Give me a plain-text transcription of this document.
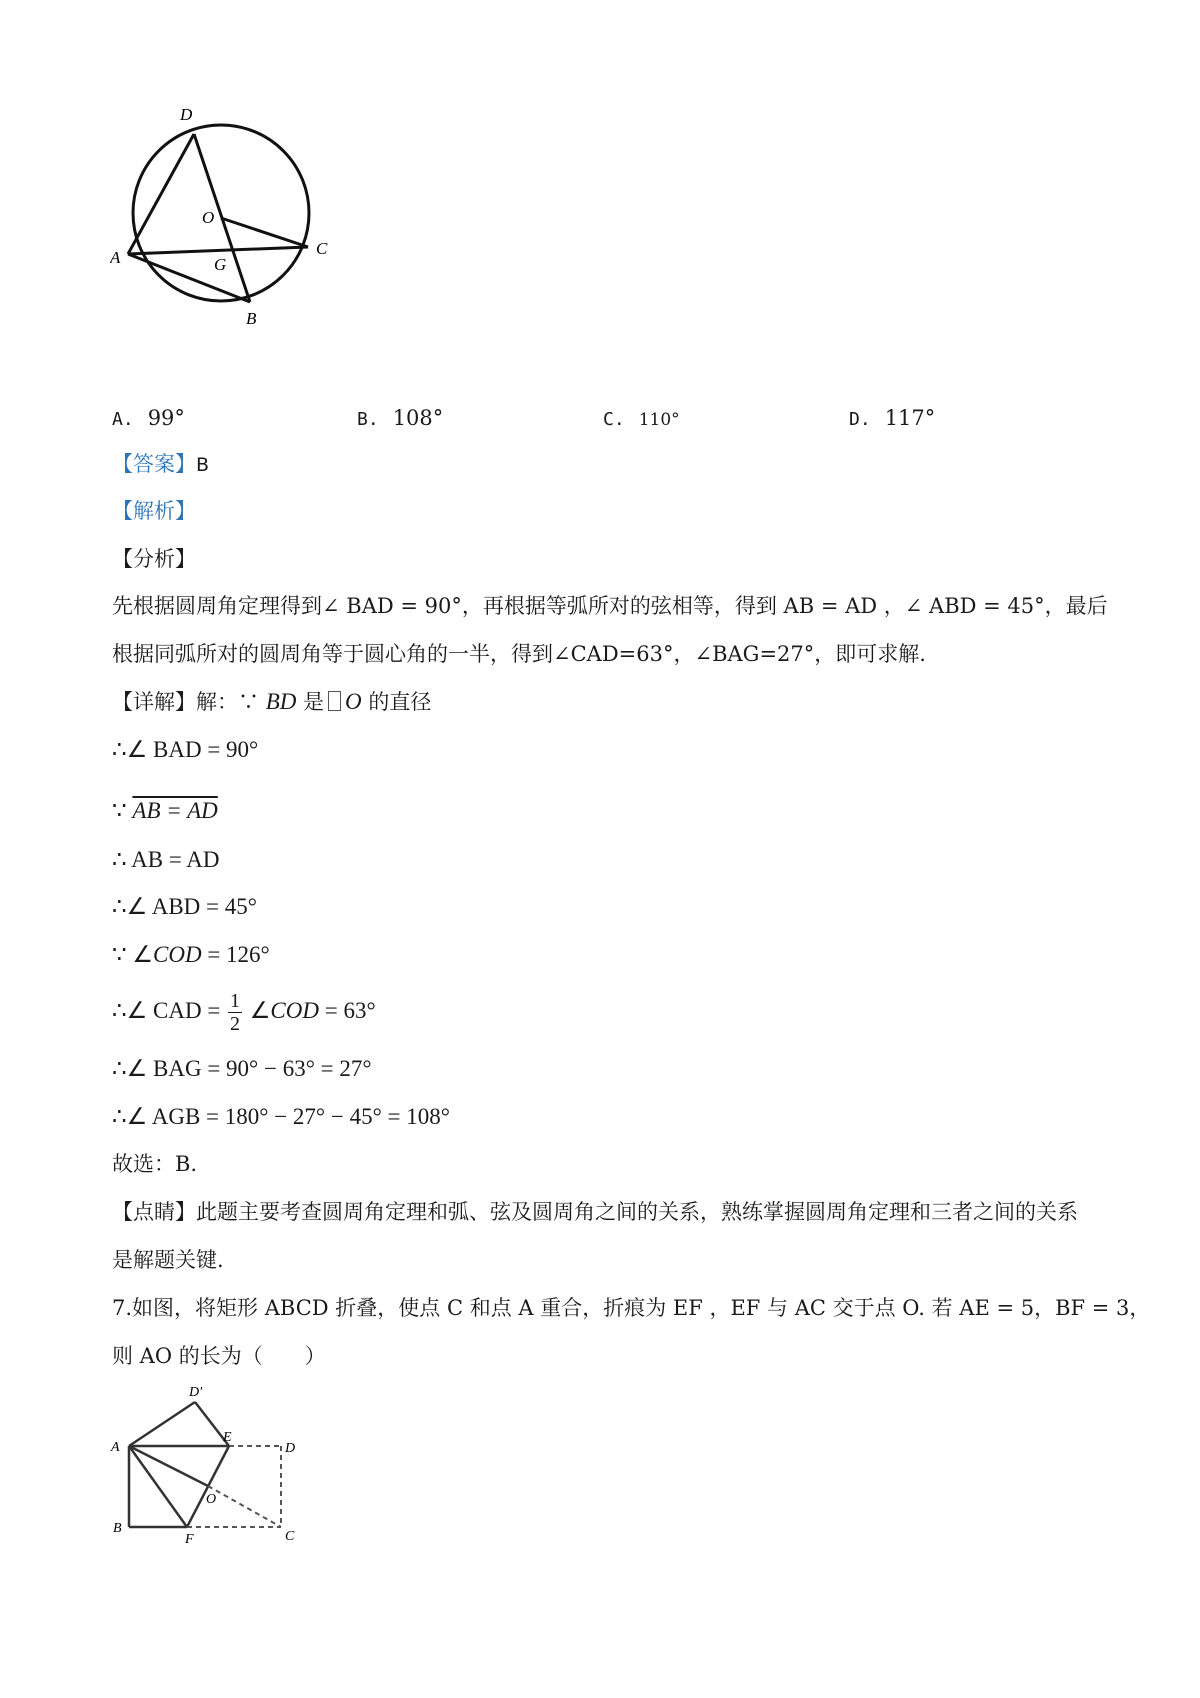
D
O
A	G
C
B
A. 99°	B. 108°	C. 110°	D. 117°
【答案】B
【解析】
【分析】
先根据圆周角定理得到∠ BAD = 90°，再根据等弧所对的弦相等，得到 AB = AD ，∠ ABD = 45°，最后
根据同弧所对的圆周角等于圆心角的一半，得到∠CAD=63°，∠BAG=27°，即可求解.
【详解】解：∵ BD 是 O 的直径
∴∠ BAD = 90°
∵ AB = AD
∴ AB = AD
∴∠ ABD = 45°
∵ ∠COD = 126°
∴∠ CAD = $\frac{1}{2}$ ∠COD = 63°
∴∠ BAG = 90° − 63° = 27°
∴∠ AGB = 180° − 27° − 45° = 108°
故选：B.
【点睛】此题主要考查圆周角定理和弧、弦及圆周角之间的关系，熟练掌握圆周角定理和三者之间的关系
是解题关键.
7.如图，将矩形 ABCD 折叠，使点 C 和点 A 重合，折痕为 EF ，EF 与 AC 交于点 O. 若 AE = 5，BF = 3，
则 AO 的长为（　　）
D'
A
E
D
O
B
F	C
